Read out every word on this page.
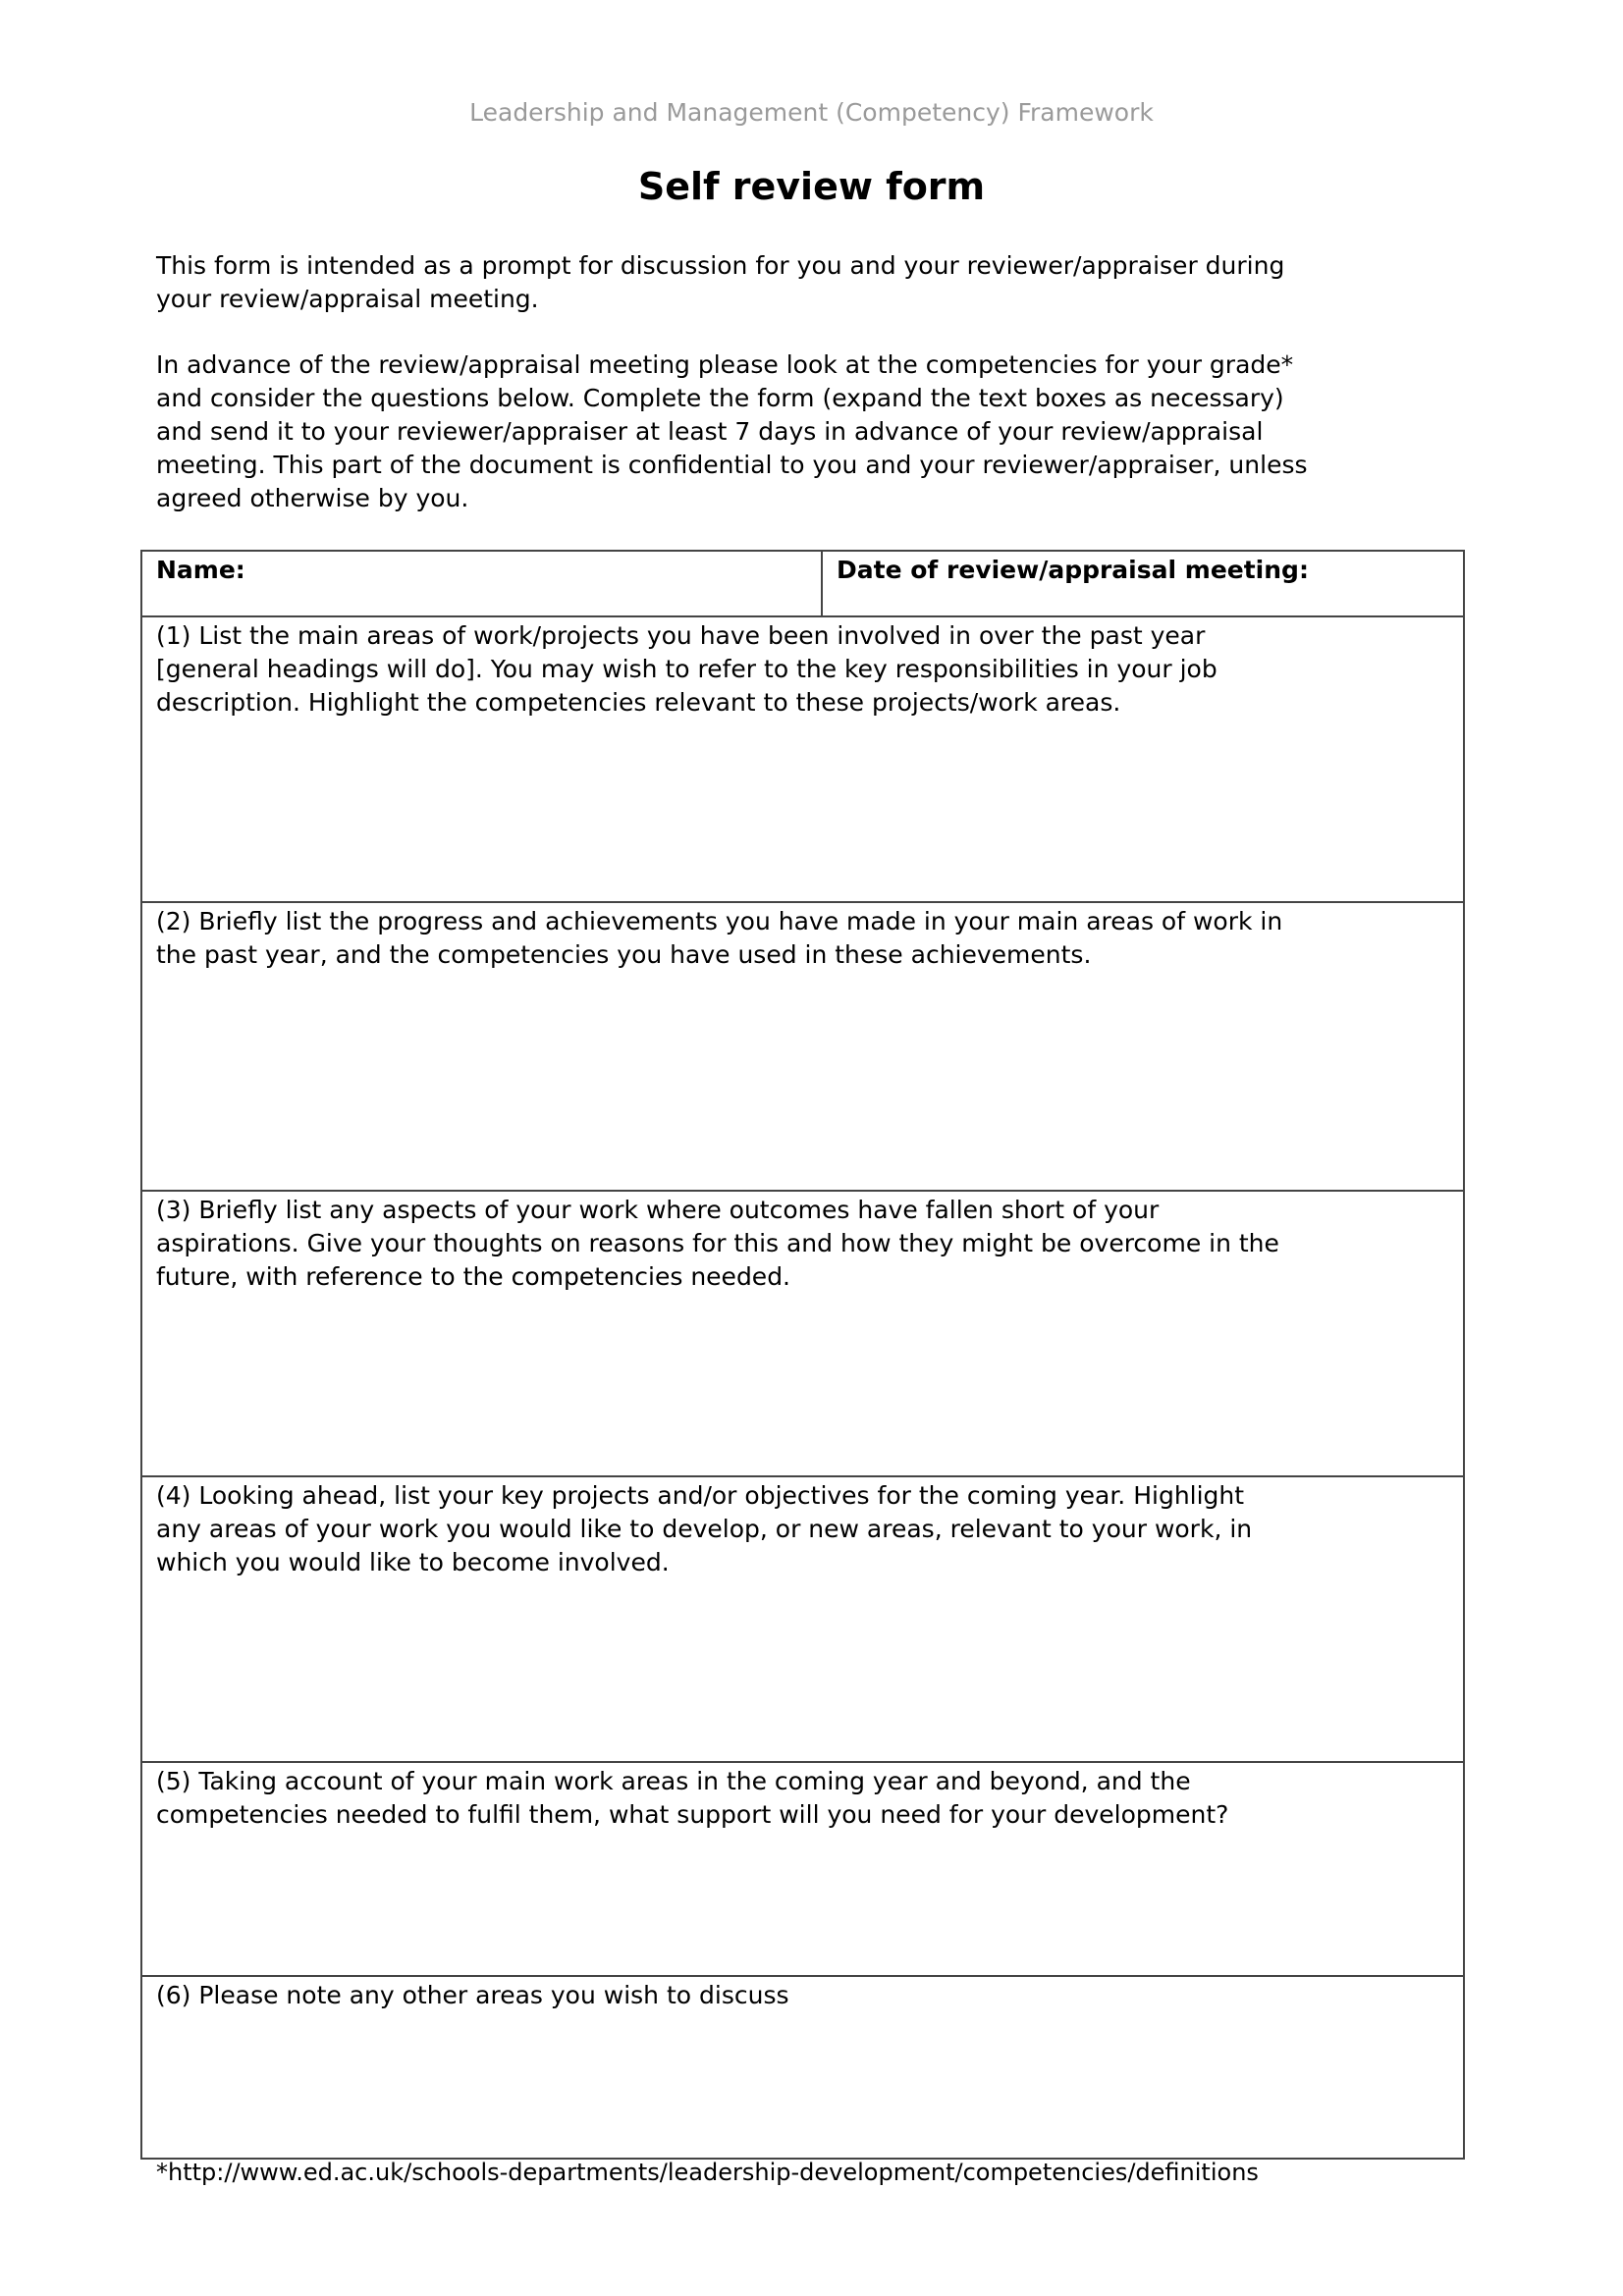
Leadership and Management (Competency) Framework
Self review form
This form is intended as a prompt for discussion for you and your reviewer/appraiser during
your review/appraisal meeting.
In advance of the review/appraisal meeting please look at the competencies for your grade*
and consider the questions below. Complete the form (expand the text boxes as necessary)
and send it to your reviewer/appraiser at least 7 days in advance of your review/appraisal
meeting. This part of the document is confidential to you and your reviewer/appraiser, unless
agreed otherwise by you.
Name:	Date of review/appraisal meeting:

(1) List the main areas of work/projects you have been involved in over the past year
[general headings will do]. You may wish to refer to the key responsibilities in your job
description. Highlight the competencies relevant to these projects/work areas.

(2) Briefly list the progress and achievements you have made in your main areas of work in
the past year, and the competencies you have used in these achievements.

(3) Briefly list any aspects of your work where outcomes have fallen short of your
aspirations. Give your thoughts on reasons for this and how they might be overcome in the
future, with reference to the competencies needed.

(4) Looking ahead, list your key projects and/or objectives for the coming year. Highlight
any areas of your work you would like to develop, or new areas, relevant to your work, in
which you would like to become involved.

(5) Taking account of your main work areas in the coming year and beyond, and the
competencies needed to fulfil them, what support will you need for your development?

(6) Please note any other areas you wish to discuss
*http://www.ed.ac.uk/schools-departments/leadership-development/competencies/definitions
